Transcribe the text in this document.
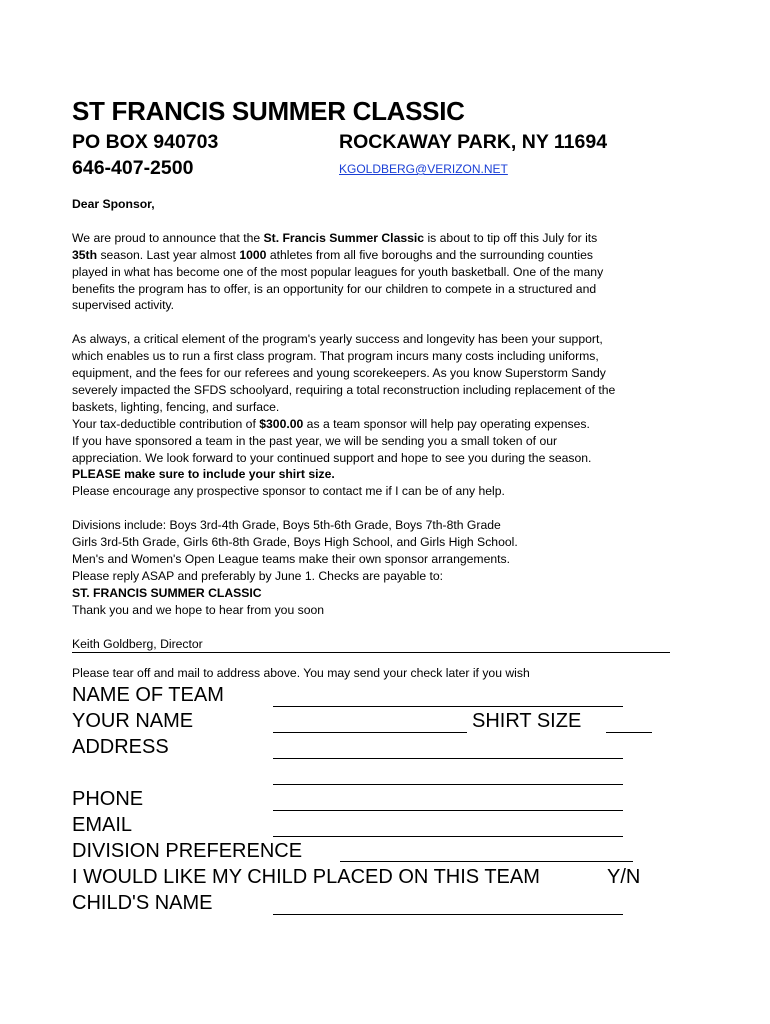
ST FRANCIS SUMMER CLASSIC
PO BOX 940703	ROCKAWAY PARK, NY 11694
646-407-2500	KGOLDBERG@VERIZON.NET

Dear Sponsor,

We are proud to announce that the St. Francis Summer Classic is about to tip off this July for its

35th season. Last year almost 1000 athletes from all five boroughs and the surrounding counties

played in what has become one of the most popular leagues for youth basketball. One of the many

benefits the program has to offer, is an opportunity for our children to compete in a structured and

supervised activity.

As always, a critical element of the program's yearly success and longevity has been your support,

which enables us to run a first class program. That program incurs many costs including uniforms,

equipment, and the fees for our referees and young scorekeepers. As you know Superstorm Sandy

severely impacted the SFDS schoolyard, requiring a total reconstruction including replacement of the

baskets, lighting, fencing, and surface.

Your tax-deductible contribution of $300.00 as a team sponsor will help pay operating expenses.

If you have sponsored a team in the past year, we will be sending you a small token of our

appreciation. We look forward to your continued support and hope to see you during the season.

PLEASE make sure to include your shirt size.

Please encourage any prospective sponsor to contact me if I can be of any help.

Divisions include: Boys 3rd-4th Grade, Boys 5th-6th Grade, Boys 7th-8th Grade

Girls 3rd-5th Grade, Girls 6th-8th Grade, Boys High School, and Girls High School.

Men's and Women's Open League teams make their own sponsor arrangements.

Please reply ASAP and preferably by June 1. Checks are payable to:

ST. FRANCIS SUMMER CLASSIC

Thank you and we hope to hear from you soon

Keith Goldberg, Director

Please tear off and mail to address above. You may send your check later if you wish
NAME OF TEAM
YOUR NAME	SHIRT SIZE
ADDRESS
PHONE
EMAIL
DIVISION PREFERENCE
I WOULD LIKE MY CHILD PLACED ON THIS TEAM	Y/N
CHILD'S NAME
